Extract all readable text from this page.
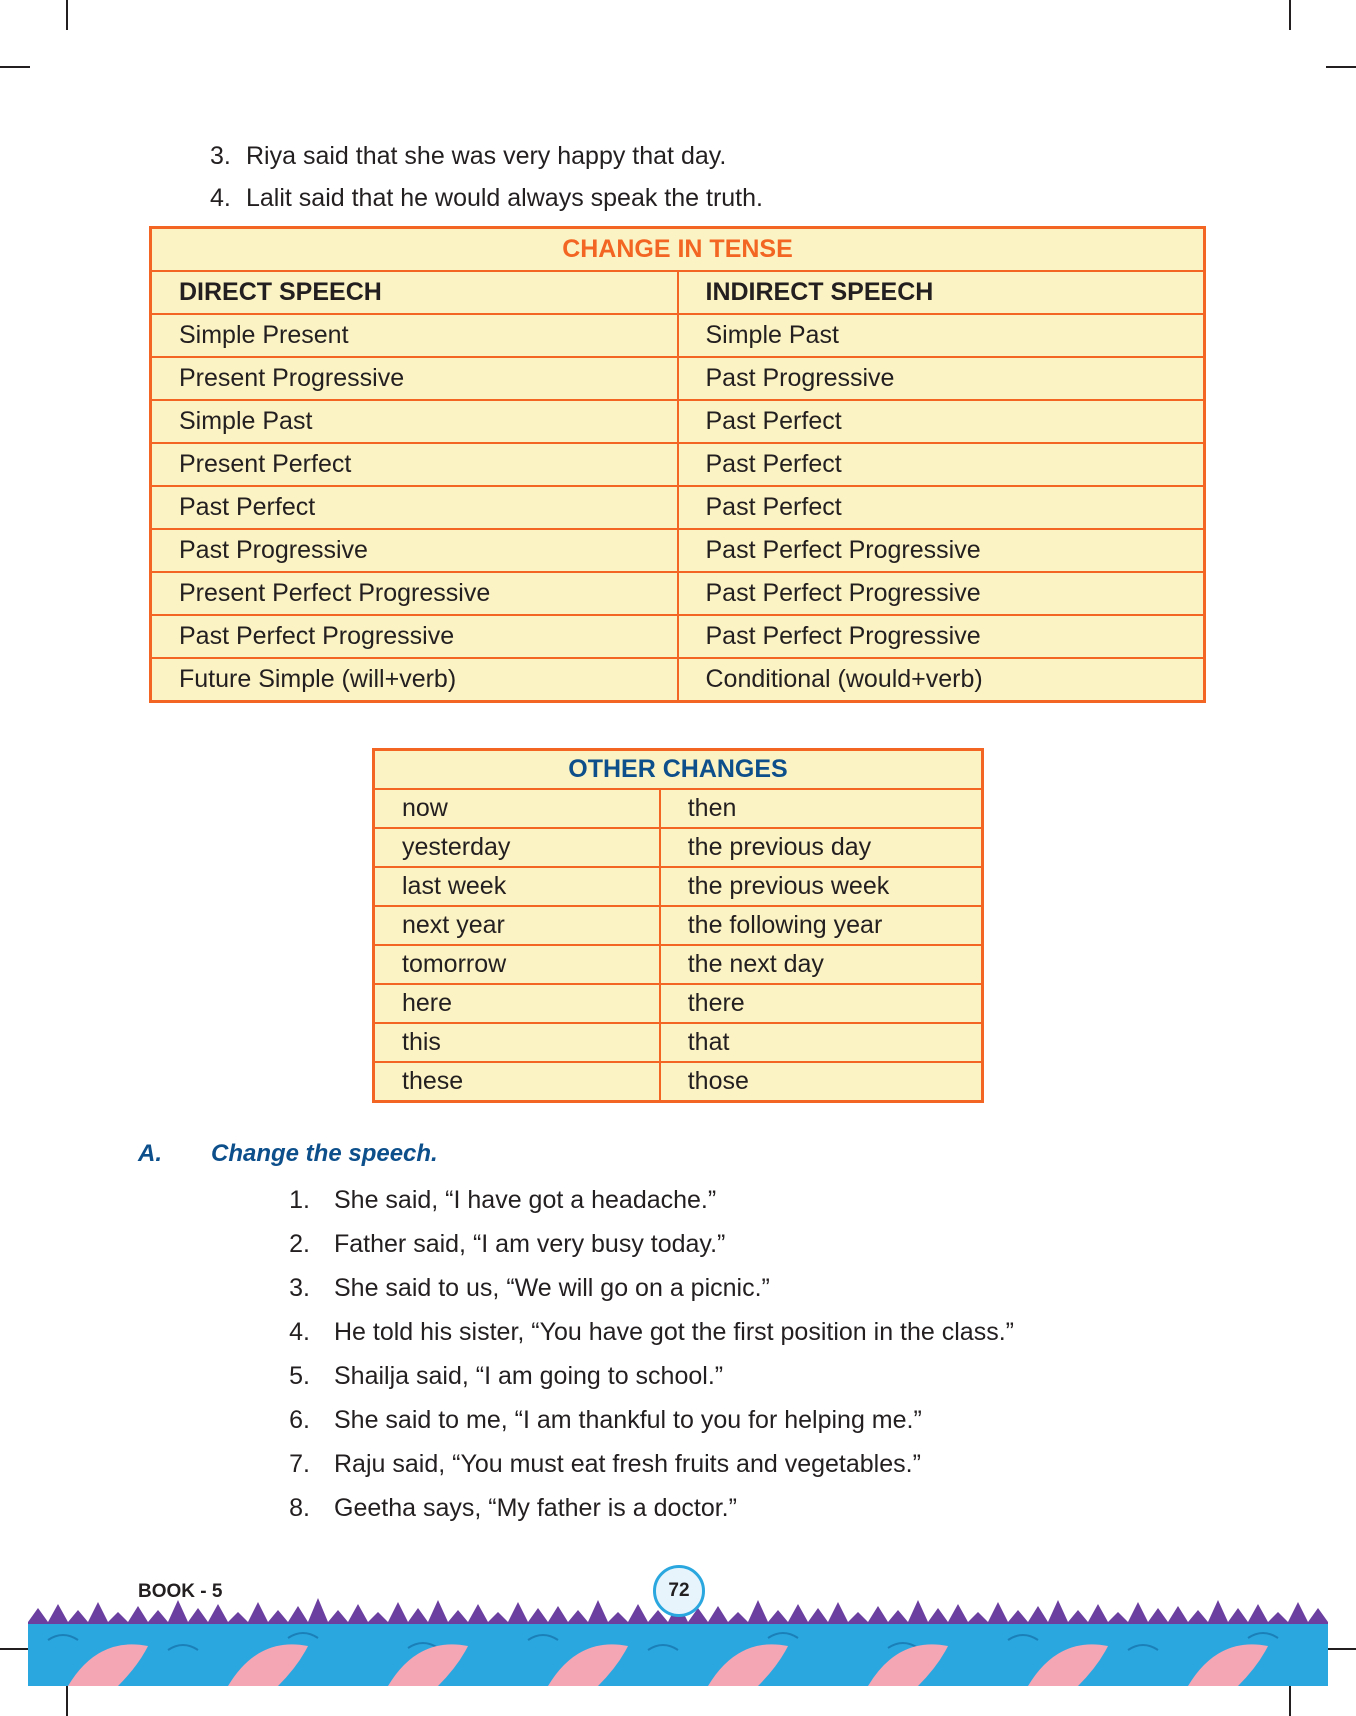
3. Riya said that she was very happy that day.
4. Lalit said that he would always speak the truth.
CHANGE IN TENSE	
DIRECT SPEECH	INDIRECT SPEECH
Simple Present	Simple Past
Present Progressive	Past Progressive
Simple Past	Past Perfect
Present Perfect	Past Perfect
Past Perfect	Past Perfect
Past Progressive	Past Perfect Progressive
Present Perfect Progressive	Past Perfect Progressive
Past Perfect Progressive	Past Perfect Progressive
Future Simple (will+verb)	Conditional (would+verb)
OTHER CHANGES	
now	then
yesterday	the previous day
last week	the previous week
next year	the following year
tomorrow	the next day
here	there
this	that
these	those
A.	Change the speech.
1. She said, “I have got a headache.”
2. Father said, “I am very busy today.”
3. She said to us, “We will go on a picnic.”
4. He told his sister, “You have got the first position in the class.”
5. Shailja said, “I am going to school.”
6. She said to me, “I am thankful to you for helping me.”
7. Raju said, “You must eat fresh fruits and vegetables.”
8. Geetha says, “My father is a doctor.”
BOOK - 5	72
